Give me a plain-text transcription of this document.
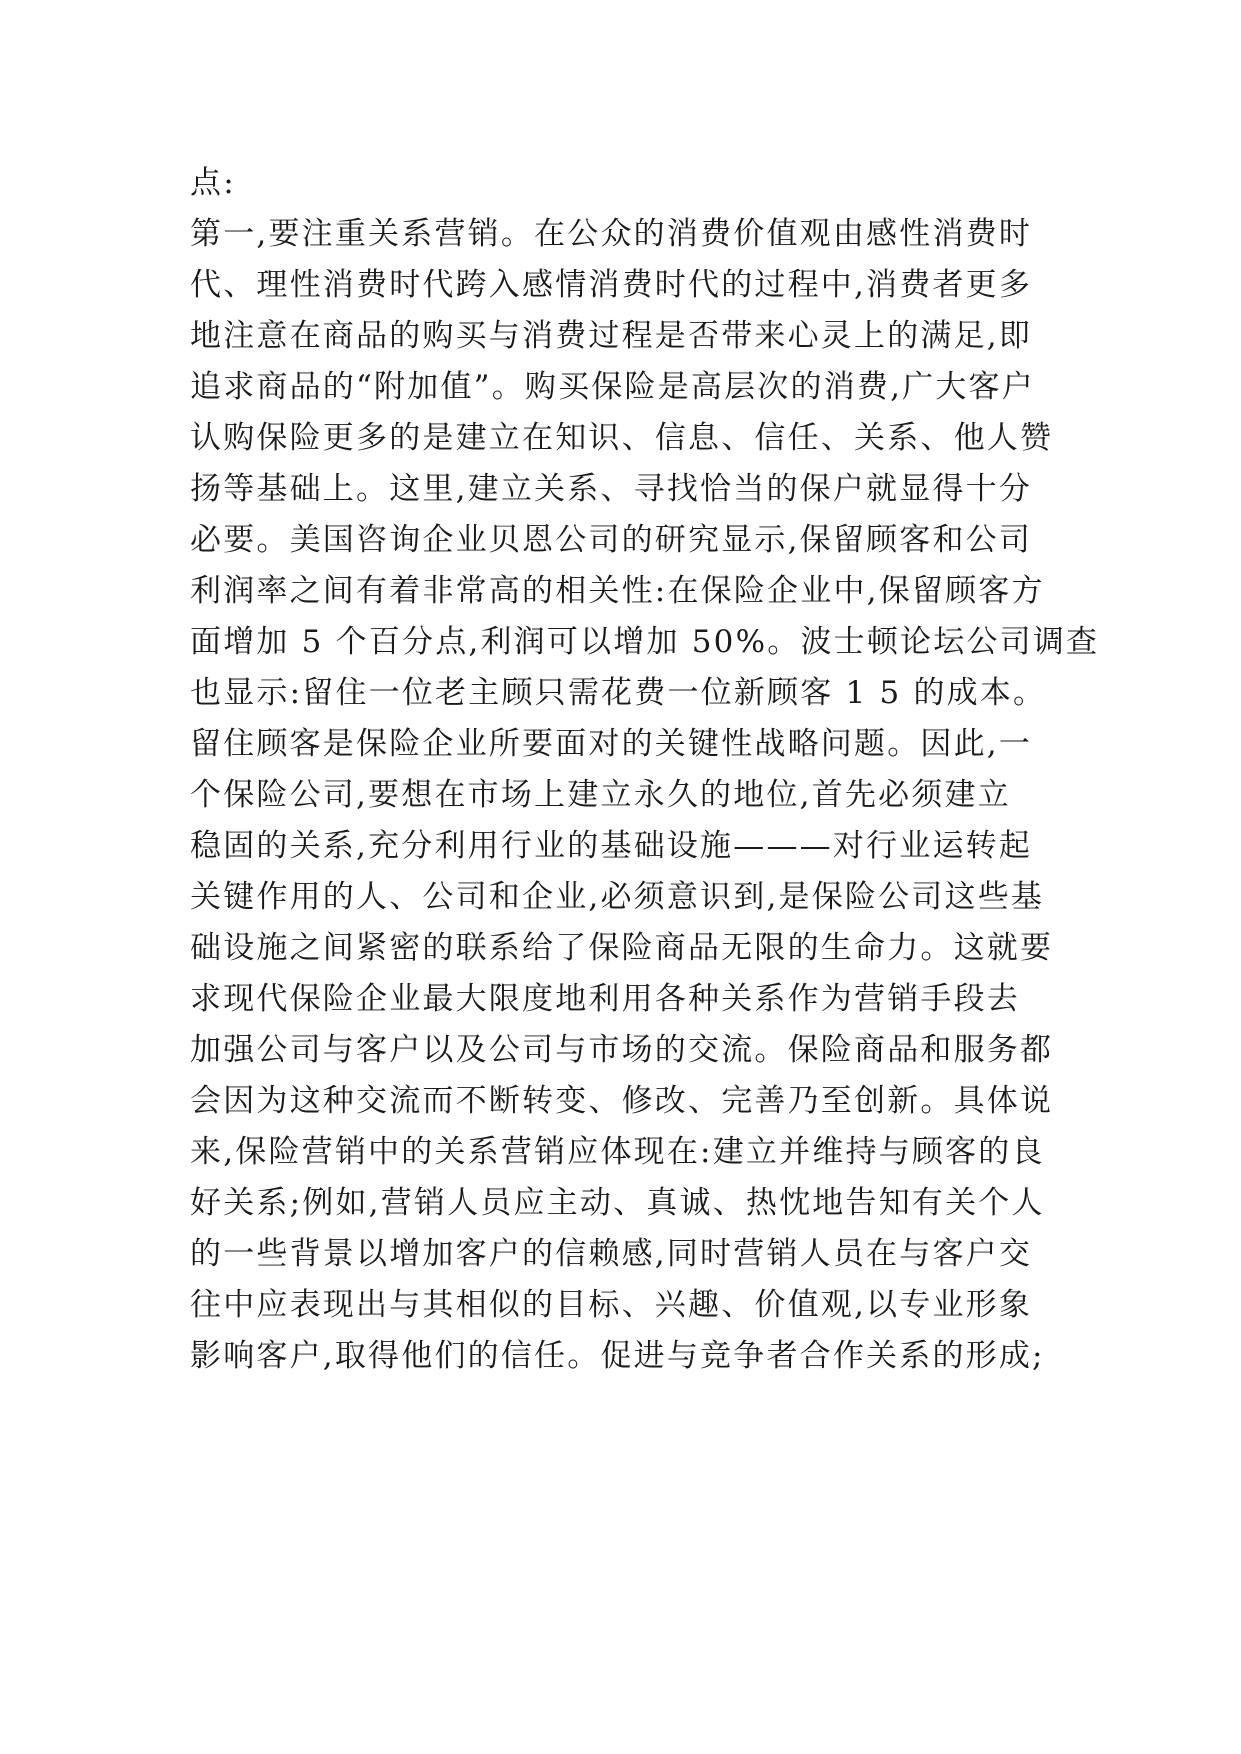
点:
第一,要注重关系营销。在公众的消费价值观由感性消费时
代、理性消费时代跨入感情消费时代的过程中,消费者更多
地注意在商品的购买与消费过程是否带来心灵上的满足,即
追求商品的“附加值”。购买保险是高层次的消费,广大客户
认购保险更多的是建立在知识、信息、信任、关系、他人赞
扬等基础上。这里,建立关系、寻找恰当的保户就显得十分
必要。美国咨询企业贝恩公司的研究显示,保留顾客和公司
利润率之间有着非常高的相关性:在保险企业中,保留顾客方
面增加 5 个百分点,利润可以增加 50%。波士顿论坛公司调查
也显示:留住一位老主顾只需花费一位新顾客 1 5 的成本。
留住顾客是保险企业所要面对的关键性战略问题。因此,一
个保险公司,要想在市场上建立永久的地位,首先必须建立
稳固的关系,充分利用行业的基础设施———对行业运转起
关键作用的人、公司和企业,必须意识到,是保险公司这些基
础设施之间紧密的联系给了保险商品无限的生命力。这就要
求现代保险企业最大限度地利用各种关系作为营销手段去
加强公司与客户以及公司与市场的交流。保险商品和服务都
会因为这种交流而不断转变、修改、完善乃至创新。具体说
来,保险营销中的关系营销应体现在:建立并维持与顾客的良
好关系;例如,营销人员应主动、真诚、热忱地告知有关个人
的一些背景以增加客户的信赖感,同时营销人员在与客户交
往中应表现出与其相似的目标、兴趣、价值观,以专业形象
影响客户,取得他们的信任。促进与竞争者合作关系的形成;
